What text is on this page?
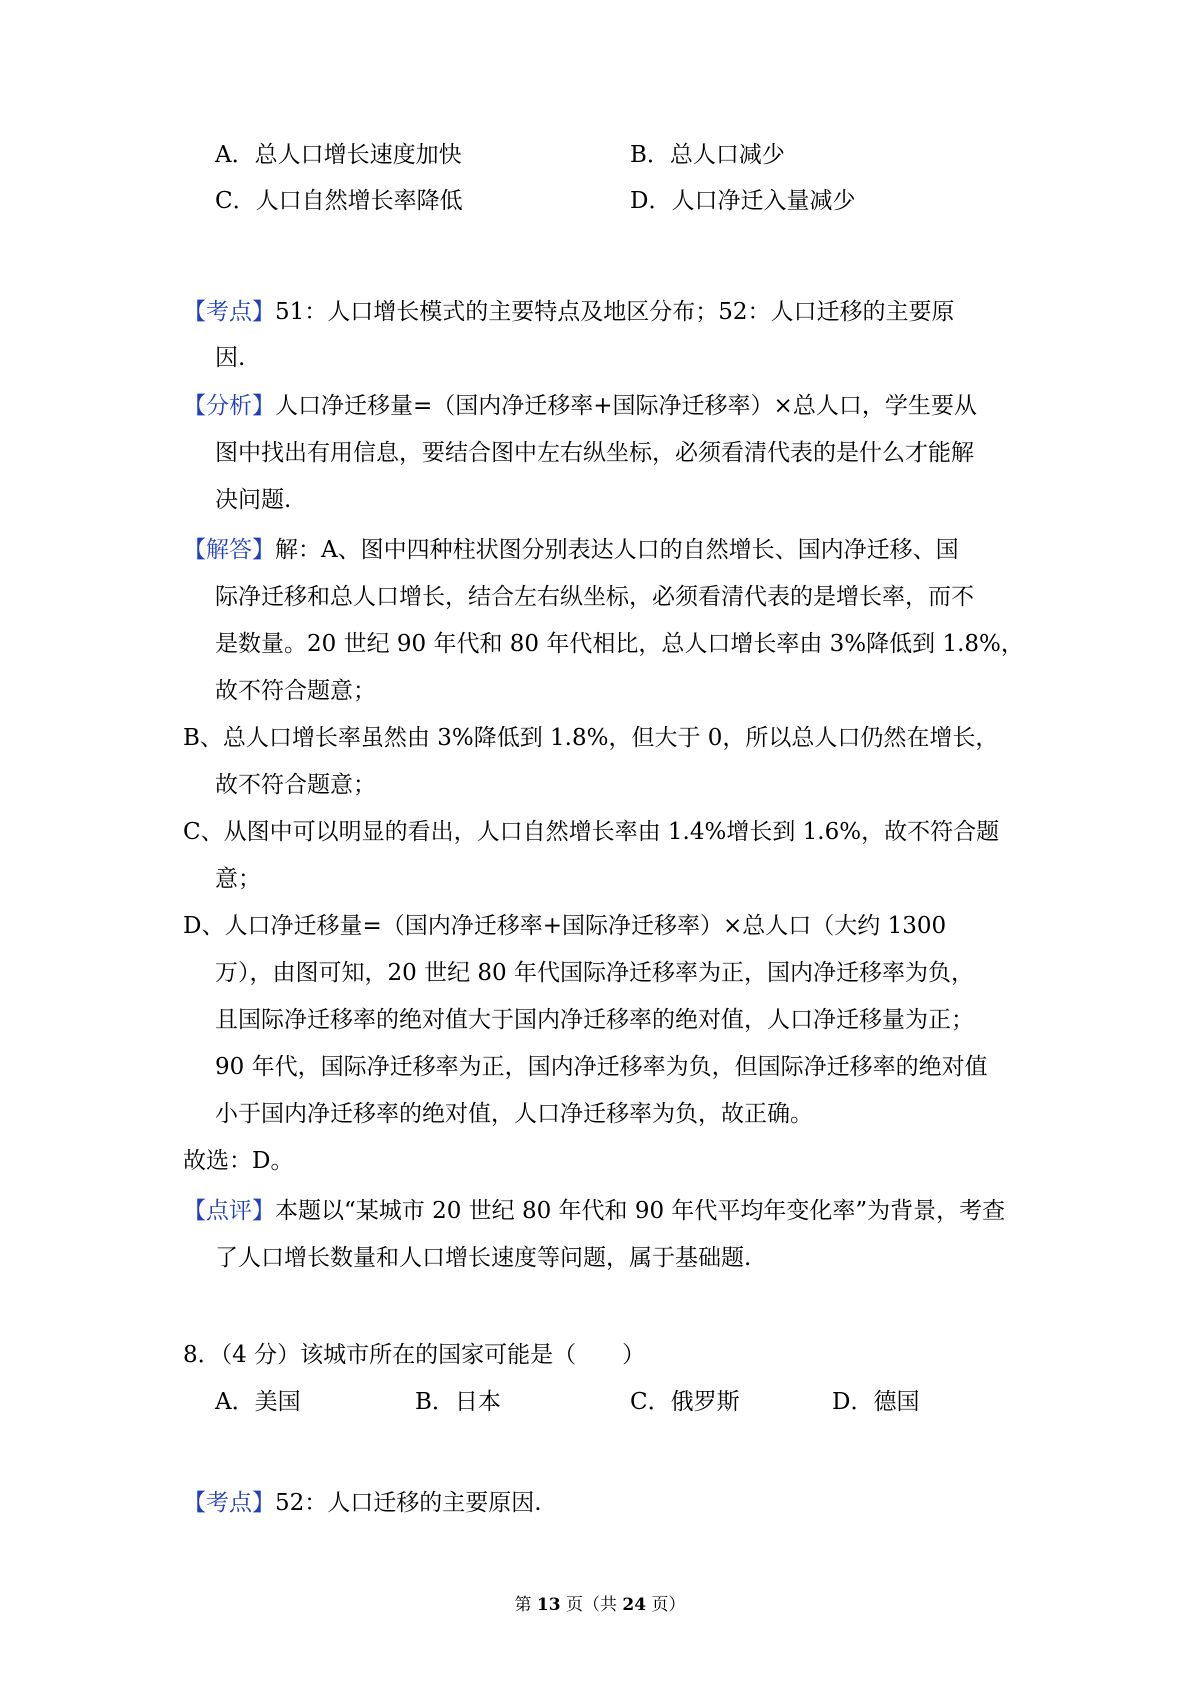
A．总人口增长速度加快	B．总人口减少
C．人口自然增长率降低	D．人口净迁入量减少
【考点】51：人口增长模式的主要特点及地区分布；52：人口迁移的主要原
因.
【分析】人口净迁移量=（国内净迁移率+国际净迁移率）×总人口，学生要从
图中找出有用信息，要结合图中左右纵坐标，必须看清代表的是什么才能解
决问题.
【解答】解：A、图中四种柱状图分别表达人口的自然增长、国内净迁移、国
际净迁移和总人口增长，结合左右纵坐标，必须看清代表的是增长率，而不
是数量。20 世纪 90 年代和 80 年代相比，总人口增长率由 3%降低到 1.8%，
故不符合题意；
B、总人口增长率虽然由 3%降低到 1.8%，但大于 0，所以总人口仍然在增长，
故不符合题意；
C、从图中可以明显的看出，人口自然增长率由 1.4%增长到 1.6%，故不符合题
意；
D、人口净迁移量=（国内净迁移率+国际净迁移率）×总人口（大约 1300
万），由图可知，20 世纪 80 年代国际净迁移率为正，国内净迁移率为负，
且国际净迁移率的绝对值大于国内净迁移率的绝对值，人口净迁移量为正；
90 年代，国际净迁移率为正，国内净迁移率为负，但国际净迁移率的绝对值
小于国内净迁移率的绝对值，人口净迁移率为负，故正确。
故选：D。
【点评】本题以“某城市 20 世纪 80 年代和 90 年代平均年变化率”为背景，考查
了人口增长数量和人口增长速度等问题，属于基础题.
8．（4 分）该城市所在的国家可能是（　　）
A．美国	B．日本	C．俄罗斯	D．德国
【考点】52：人口迁移的主要原因.
第 13 页（共 24 页）
